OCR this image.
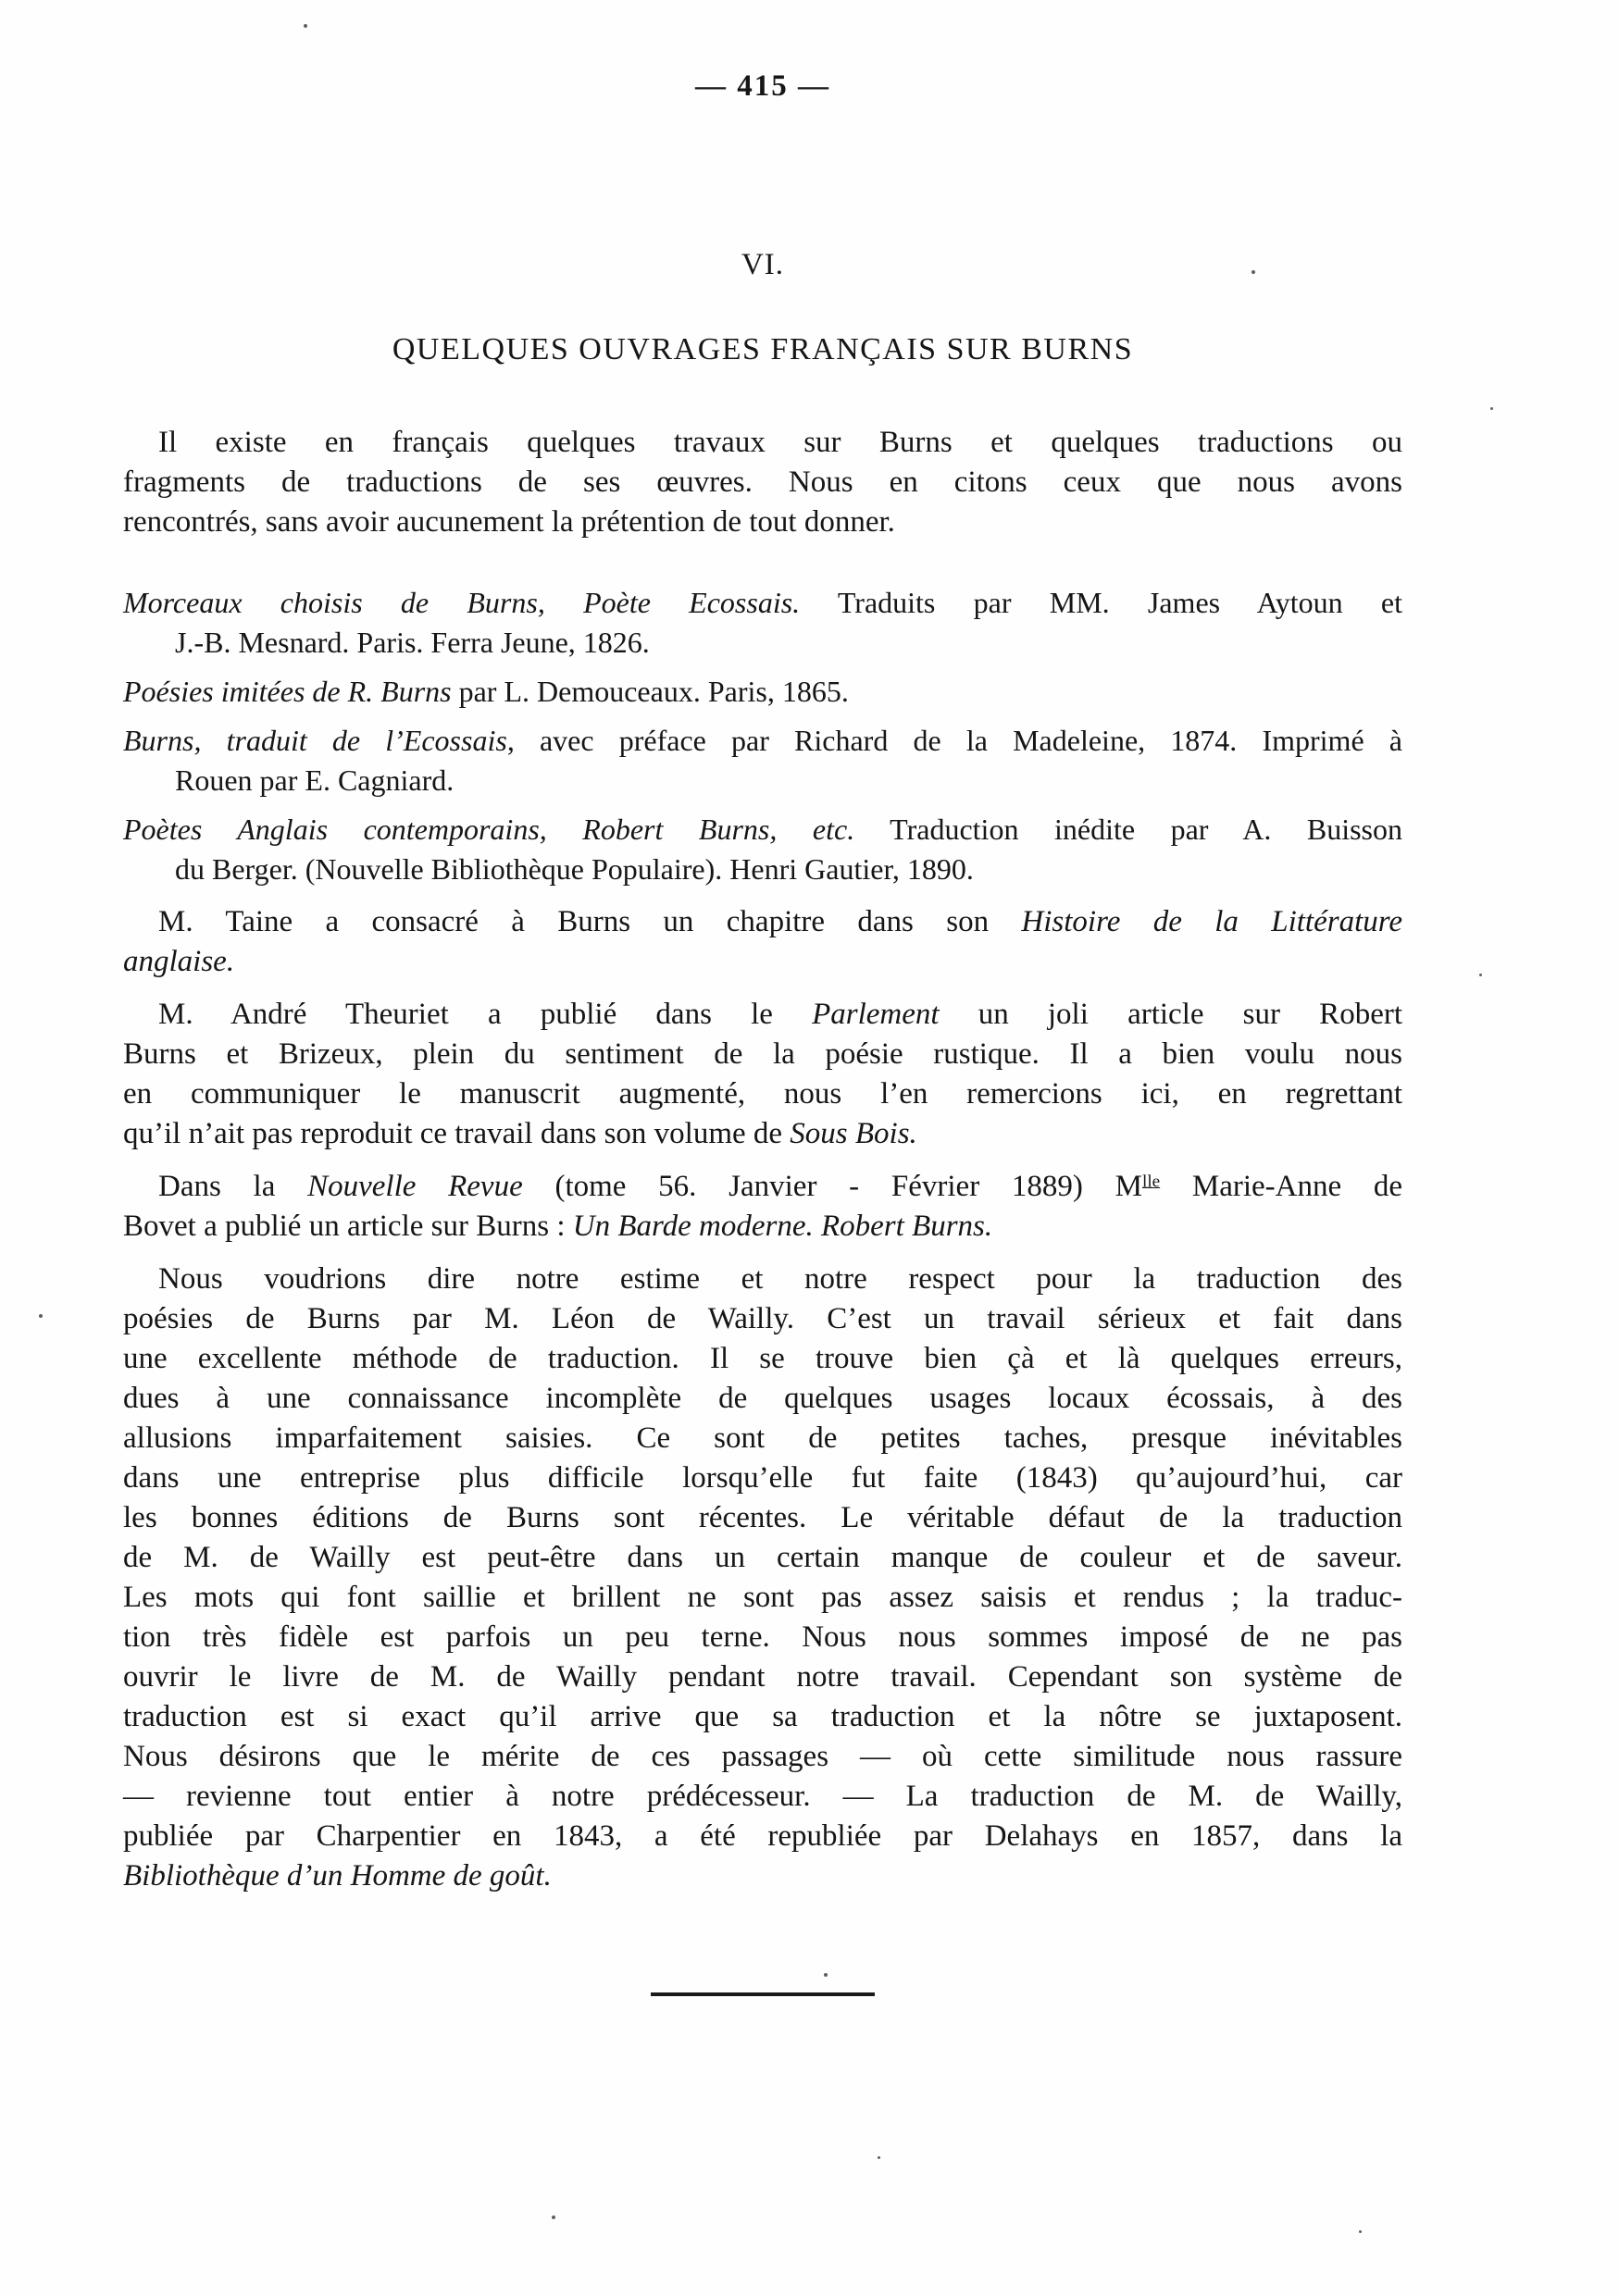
— 415 —
VI.
QUELQUES OUVRAGES FRANÇAIS SUR BURNS
Il existe en français quelques travaux sur Burns et quelques traductions ou
fragments de traductions de ses œuvres. Nous en citons ceux que nous avons
rencontrés, sans avoir aucunement la prétention de tout donner.
Morceaux choisis de Burns, Poète Ecossais. Traduits par MM. James Aytoun et
J.-B. Mesnard. Paris. Ferra Jeune, 1826.
Poésies imitées de R. Burns par L. Demouceaux. Paris, 1865.
Burns, traduit de l’Ecossais, avec préface par Richard de la Madeleine, 1874. Imprimé à
Rouen par E. Cagniard.
Poètes Anglais contemporains, Robert Burns, etc. Traduction inédite par A. Buisson
du Berger. (Nouvelle Bibliothèque Populaire). Henri Gautier, 1890.
M. Taine a consacré à Burns un chapitre dans son Histoire de la Littérature
anglaise.
M. André Theuriet a publié dans le Parlement un joli article sur Robert
Burns et Brizeux, plein du sentiment de la poésie rustique. Il a bien voulu nous
en communiquer le manuscrit augmenté, nous l’en remercions ici, en regrettant
qu’il n’ait pas reproduit ce travail dans son volume de Sous Bois.
Dans la Nouvelle Revue (tome 56. Janvier - Février 1889) $M^{lle}$ Marie-Anne de
Bovet a publié un article sur Burns : Un Barde moderne. Robert Burns.
Nous voudrions dire notre estime et notre respect pour la traduction des
poésies de Burns par M. Léon de Wailly. C’est un travail sérieux et fait dans
une excellente méthode de traduction. Il se trouve bien çà et là quelques erreurs,
dues à une connaissance incomplète de quelques usages locaux écossais, à des
allusions imparfaitement saisies. Ce sont de petites taches, presque inévitables
dans une entreprise plus difficile lorsqu’elle fut faite (1843) qu’aujourd’hui, car
les bonnes éditions de Burns sont récentes. Le véritable défaut de la traduction
de M. de Wailly est peut-être dans un certain manque de couleur et de saveur.
Les mots qui font saillie et brillent ne sont pas assez saisis et rendus ; la traduc-
tion très fidèle est parfois un peu terne. Nous nous sommes imposé de ne pas
ouvrir le livre de M. de Wailly pendant notre travail. Cependant son système de
traduction est si exact qu’il arrive que sa traduction et la nôtre se juxtaposent.
Nous désirons que le mérite de ces passages — où cette similitude nous rassure
— revienne tout entier à notre prédécesseur. — La traduction de M. de Wailly,
publiée par Charpentier en 1843, a été republiée par Delahays en 1857, dans la
Bibliothèque d’un Homme de goût.
